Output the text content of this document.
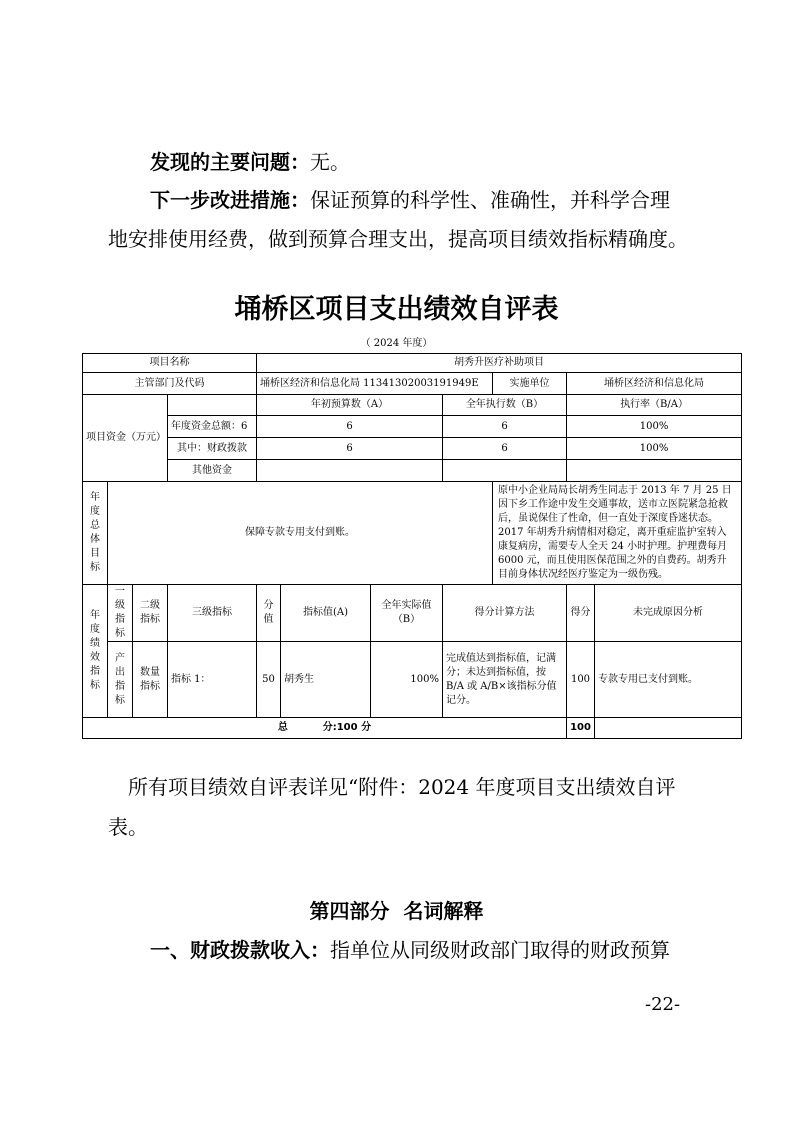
发现的主要问题：无。
下一步改进措施：保证预算的科学性、准确性，并科学合理
地安排使用经费，做到预算合理支出，提高项目绩效指标精确度。
埇桥区项目支出绩效自评表
（ 2024 年度）
项目名称				胡秀升医疗补助项目						
主管部门及代码				埇桥区经济和信息化局 1134130200319194​9E				实施单位	埇桥区经济和信息化局	
项目资金（万元）				年初预算数（A）			全年执行数（B）		执行率（B/A）	
			年度资金总额：6	6			6		100%	
			其中：财政拨款	6			6		100%	
			其他资金							

年度总体目标	保障专款专用支付到账。							原中小企业局局长胡秀生同志于 2013 年 7 月 25 日因下乡工作途中发生交通事故，送市立医院紧急抢救后，虽说保住了性命，但一直处于深度昏迷状态。2017 年胡秀升病情相对稳定，离开重症监护室转入康复病房，需要专人全天 24 小时护理。护理费每月 6000 元，而且使用医保范围之外的自费药。胡秀升目前身体状况经医疗鉴定为一级伤残。		

年度绩效指标	一级指标	二级指标	三级指标	分值	指标值(A)	全年实际值（B）	得分计算方法		得分	未完成原因分析

	产出指标	数量指标	指标 1：	50	胡秀生	100%	完成值达到指标值，记满分；未达到指标值，按 B/A 或 A/B×该指标分值记分。		100	专款专用已支付到账。
总          分:100 分									100	
所有项目绩效自评表详见“附件：2024 年度项目支出绩效自评
表。
第四部分  名词解释
一、财政拨款收入：指单位从同级财政部门取得的财政预算
-22-
